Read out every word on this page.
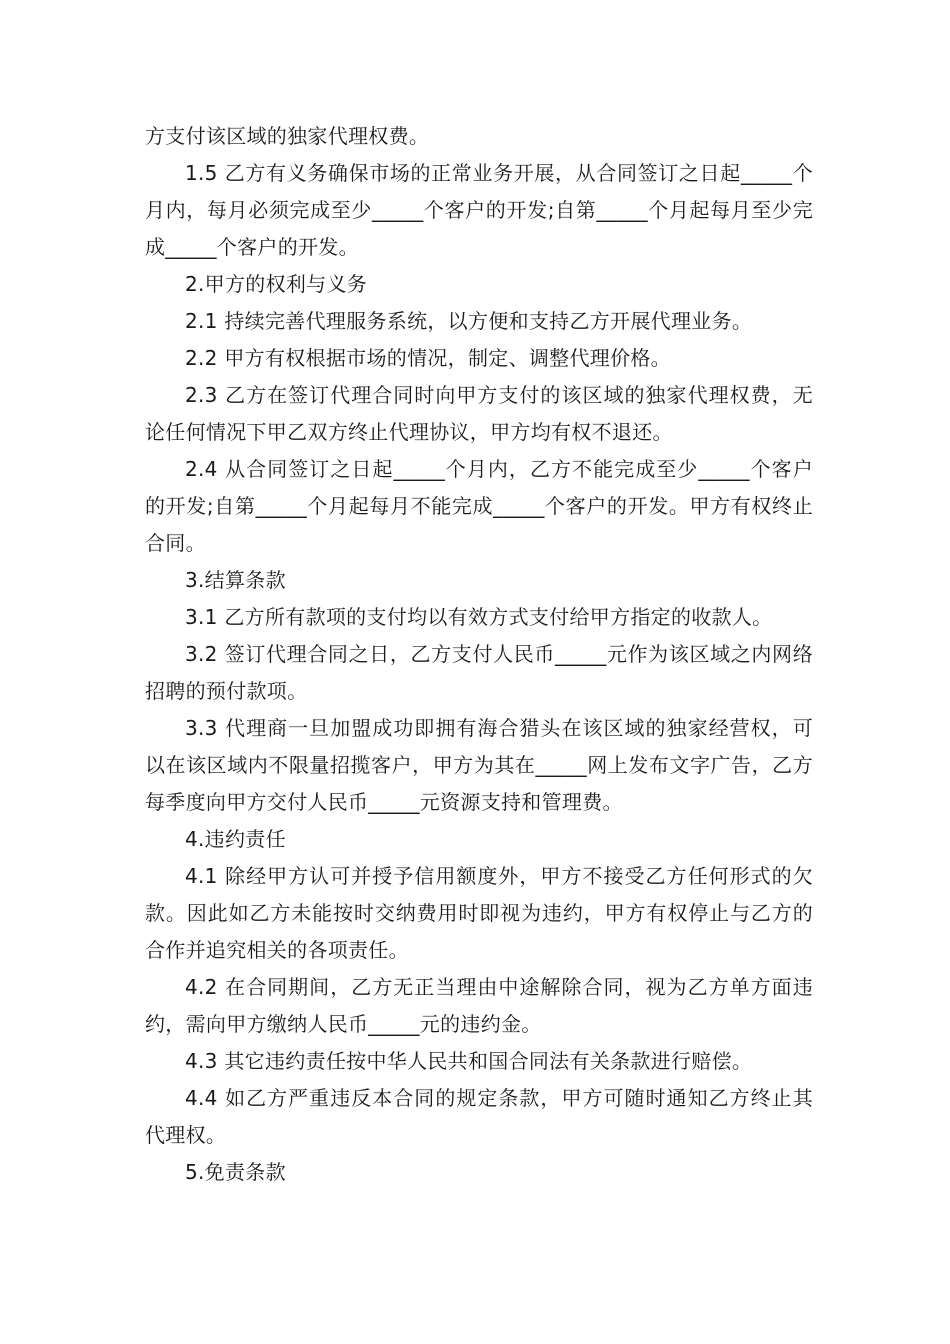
方支付该区域的独家代理权费。

1.5 乙方有义务确保市场的正常业务开展，从合同签订之日起_____个月内，每月必须完成至少_____个客户的开发;自第_____个月起每月至少完成_____个客户的开发。

2.甲方的权利与义务

2.1 持续完善代理服务系统，以方便和支持乙方开展代理业务。

2.2 甲方有权根据市场的情况，制定、调整代理价格。

2.3 乙方在签订代理合同时向甲方支付的该区域的独家代理权费，无论任何情况下甲乙双方终止代理协议，甲方均有权不退还。

2.4 从合同签订之日起_____个月内，乙方不能完成至少_____个客户的开发;自第_____个月起每月不能完成_____个客户的开发。甲方有权终止合同。

3.结算条款

3.1 乙方所有款项的支付均以有效方式支付给甲方指定的收款人。

3.2 签订代理合同之日，乙方支付人民币_____元作为该区域之内网络招聘的预付款项。

3.3 代理商一旦加盟成功即拥有海合猎头在该区域的独家经营权，可以在该区域内不限量招揽客户，甲方为其在_____网上发布文字广告，乙方每季度向甲方交付人民币_____元资源支持和管理费。

4.违约责任

4.1 除经甲方认可并授予信用额度外，甲方不接受乙方任何形式的欠款。因此如乙方未能按时交纳费用时即视为违约，甲方有权停止与乙方的合作并追究相关的各项责任。

4.2 在合同期间，乙方无正当理由中途解除合同，视为乙方单方面违约，需向甲方缴纳人民币_____元的违约金。

4.3 其它违约责任按中华人民共和国合同法有关条款进行赔偿。

4.4 如乙方严重违反本合同的规定条款，甲方可随时通知乙方终止其代理权。

5.免责条款
